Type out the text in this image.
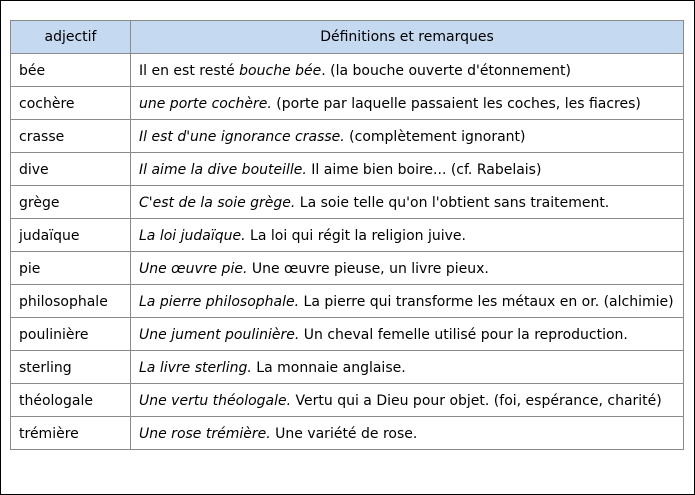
adjectif	Définitions et remarques
bée	Il en est resté bouche bée. (la bouche ouverte d'étonnement)
cochère	une porte cochère. (porte par laquelle passaient les coches, les fiacres)
crasse	Il est d'une ignorance crasse. (complètement ignorant)
dive	Il aime la dive bouteille. Il aime bien boire... (cf. Rabelais)
grège	C'est de la soie grège. La soie telle qu'on l'obtient sans traitement.
judaïque	La loi judaïque. La loi qui régit la religion juive.
pie	Une œuvre pie. Une œuvre pieuse, un livre pieux.
philosophale	La pierre philosophale. La pierre qui transforme les métaux en or. (alchimie)
poulinière	Une jument poulinière. Un cheval femelle utilisé pour la reproduction.
sterling	La livre sterling. La monnaie anglaise.
théologale	Une vertu théologale. Vertu qui a Dieu pour objet. (foi, espérance, charité)
trémière	Une rose trémière. Une variété de rose.
